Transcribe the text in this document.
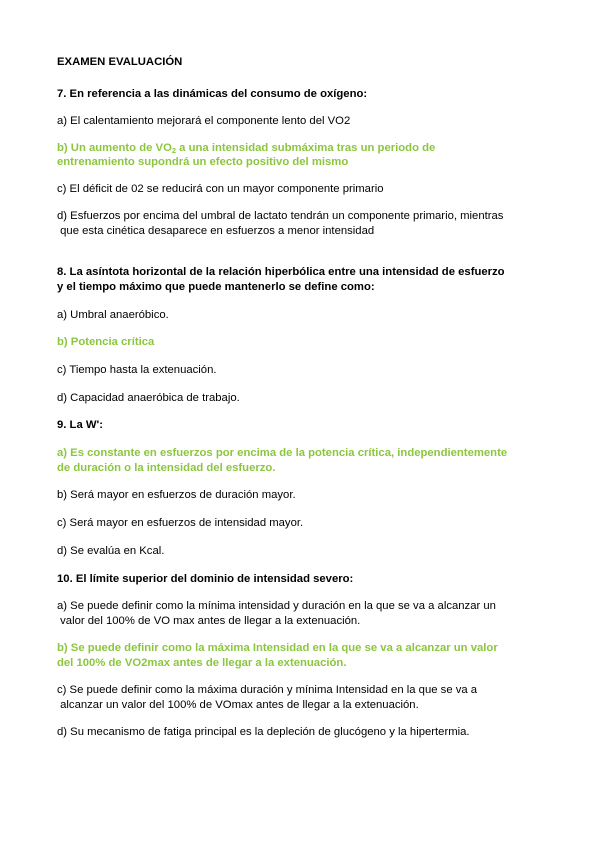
EXAMEN EVALUACIÓN
7. En referencia a las dinámicas del consumo de oxígeno:
a) El calentamiento mejorará el componente lento del VO2
b) Un aumento de $VO_2$ a una intensidad submáxima tras un periodo de
entrenamiento supondrá un efecto positivo del mismo
c) El déficit de 02 se reducirá con un mayor componente primario
d) Esfuerzos por encima del umbral de lactato tendrán un componente primario, mientras
que esta cinética desaparece en esfuerzos a menor intensidad
8. La asíntota horizontal de la relación hiperbólica entre una intensidad de esfuerzo
y el tiempo máximo que puede mantenerlo se define como:
a) Umbral anaeróbico.
b) Potencia crítica
c) Tiempo hasta la extenuación.
d) Capacidad anaeróbica de trabajo.
9. La W':
a) Es constante en esfuerzos por encima de la potencia crítica, independientemente
de duración o la intensidad del esfuerzo.
b) Será mayor en esfuerzos de duración mayor.
c) Será mayor en esfuerzos de intensidad mayor.
d) Se evalúa en Kcal.
10. El límite superior del dominio de intensidad severo:
a) Se puede definir como la mínima intensidad y duración en la que se va a alcanzar un
valor del 100% de VO max antes de llegar a la extenuación.
b) Se puede definir como la máxima Intensidad en la que se va a alcanzar un valor
del 100% de VO2max antes de llegar a la extenuación.
c) Se puede definir como la máxima duración y mínima Intensidad en la que se va a
alcanzar un valor del 100% de VOmax antes de llegar a la extenuación.
d) Su mecanismo de fatiga principal es la depleción de glucógeno y la hipertermia.
